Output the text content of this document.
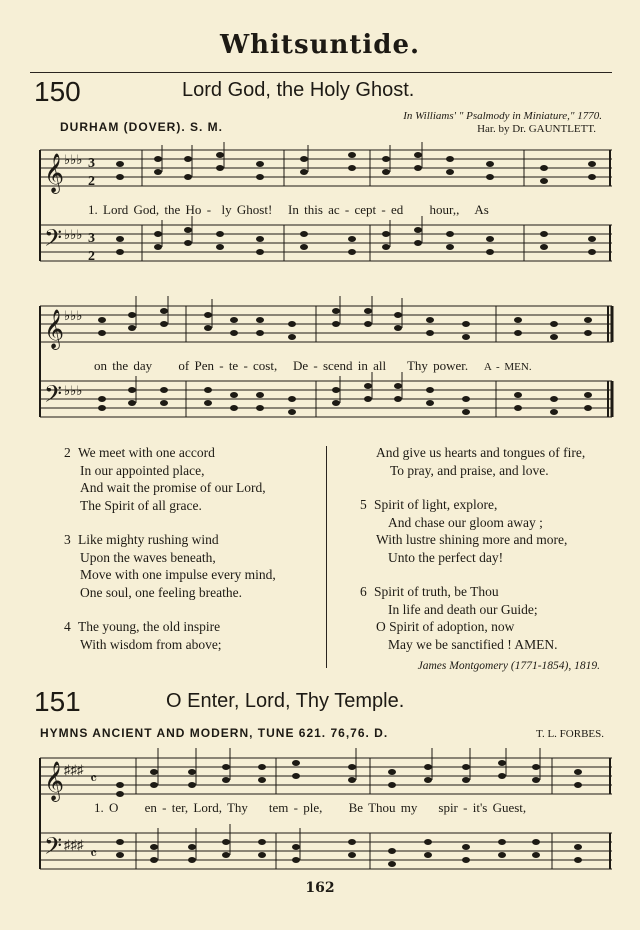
Whitsuntide.
150	Lord God, the Holy Ghost.
In Williams' " Psalmody in Miniature," 1770.
DURHAM (DOVER). S. M.	Har. by Dr. GAUNTLETT.
𝄞
𝄢
♭♭♭
♭♭♭
3
2
3
2
1. Lord God, the Ho -  ly Ghost! In this ac - cept - ed hour,,   As
𝄞
𝄢
♭♭♭
♭♭♭
on the day of Pen - te - cost, De - scend in all Thy power. A - MEN.
2 We meet with one accord
In our appointed place,
And wait the promise of our Lord,
The Spirit of all grace.
3 Like mighty rushing wind
Upon the waves beneath,
Move with one impulse every mind,
One soul, one feeling breathe.
4 The young, the old inspire
With wisdom from above;
And give us hearts and tongues of fire,
To pray, and praise, and love.
5 Spirit of light, explore,
And chase our gloom away ;
With lustre shining more and more,
Unto the perfect day!
6 Spirit of truth, be Thou
In life and death our Guide;
O Spirit of adoption, now
May we be sanctified ! AMEN.
James Montgomery (1771-1854), 1819.
151	O Enter, Lord, Thy Temple.
HYMNS ANCIENT AND MODERN, TUNE 621. 76,76. D.	T. L. FORBES.
𝄞
𝄢
♯♯♯
♯♯♯
𝄴
𝄴
1. O en - ter, Lord, Thy tem - ple, Be Thou my spir - it's Guest,
162
